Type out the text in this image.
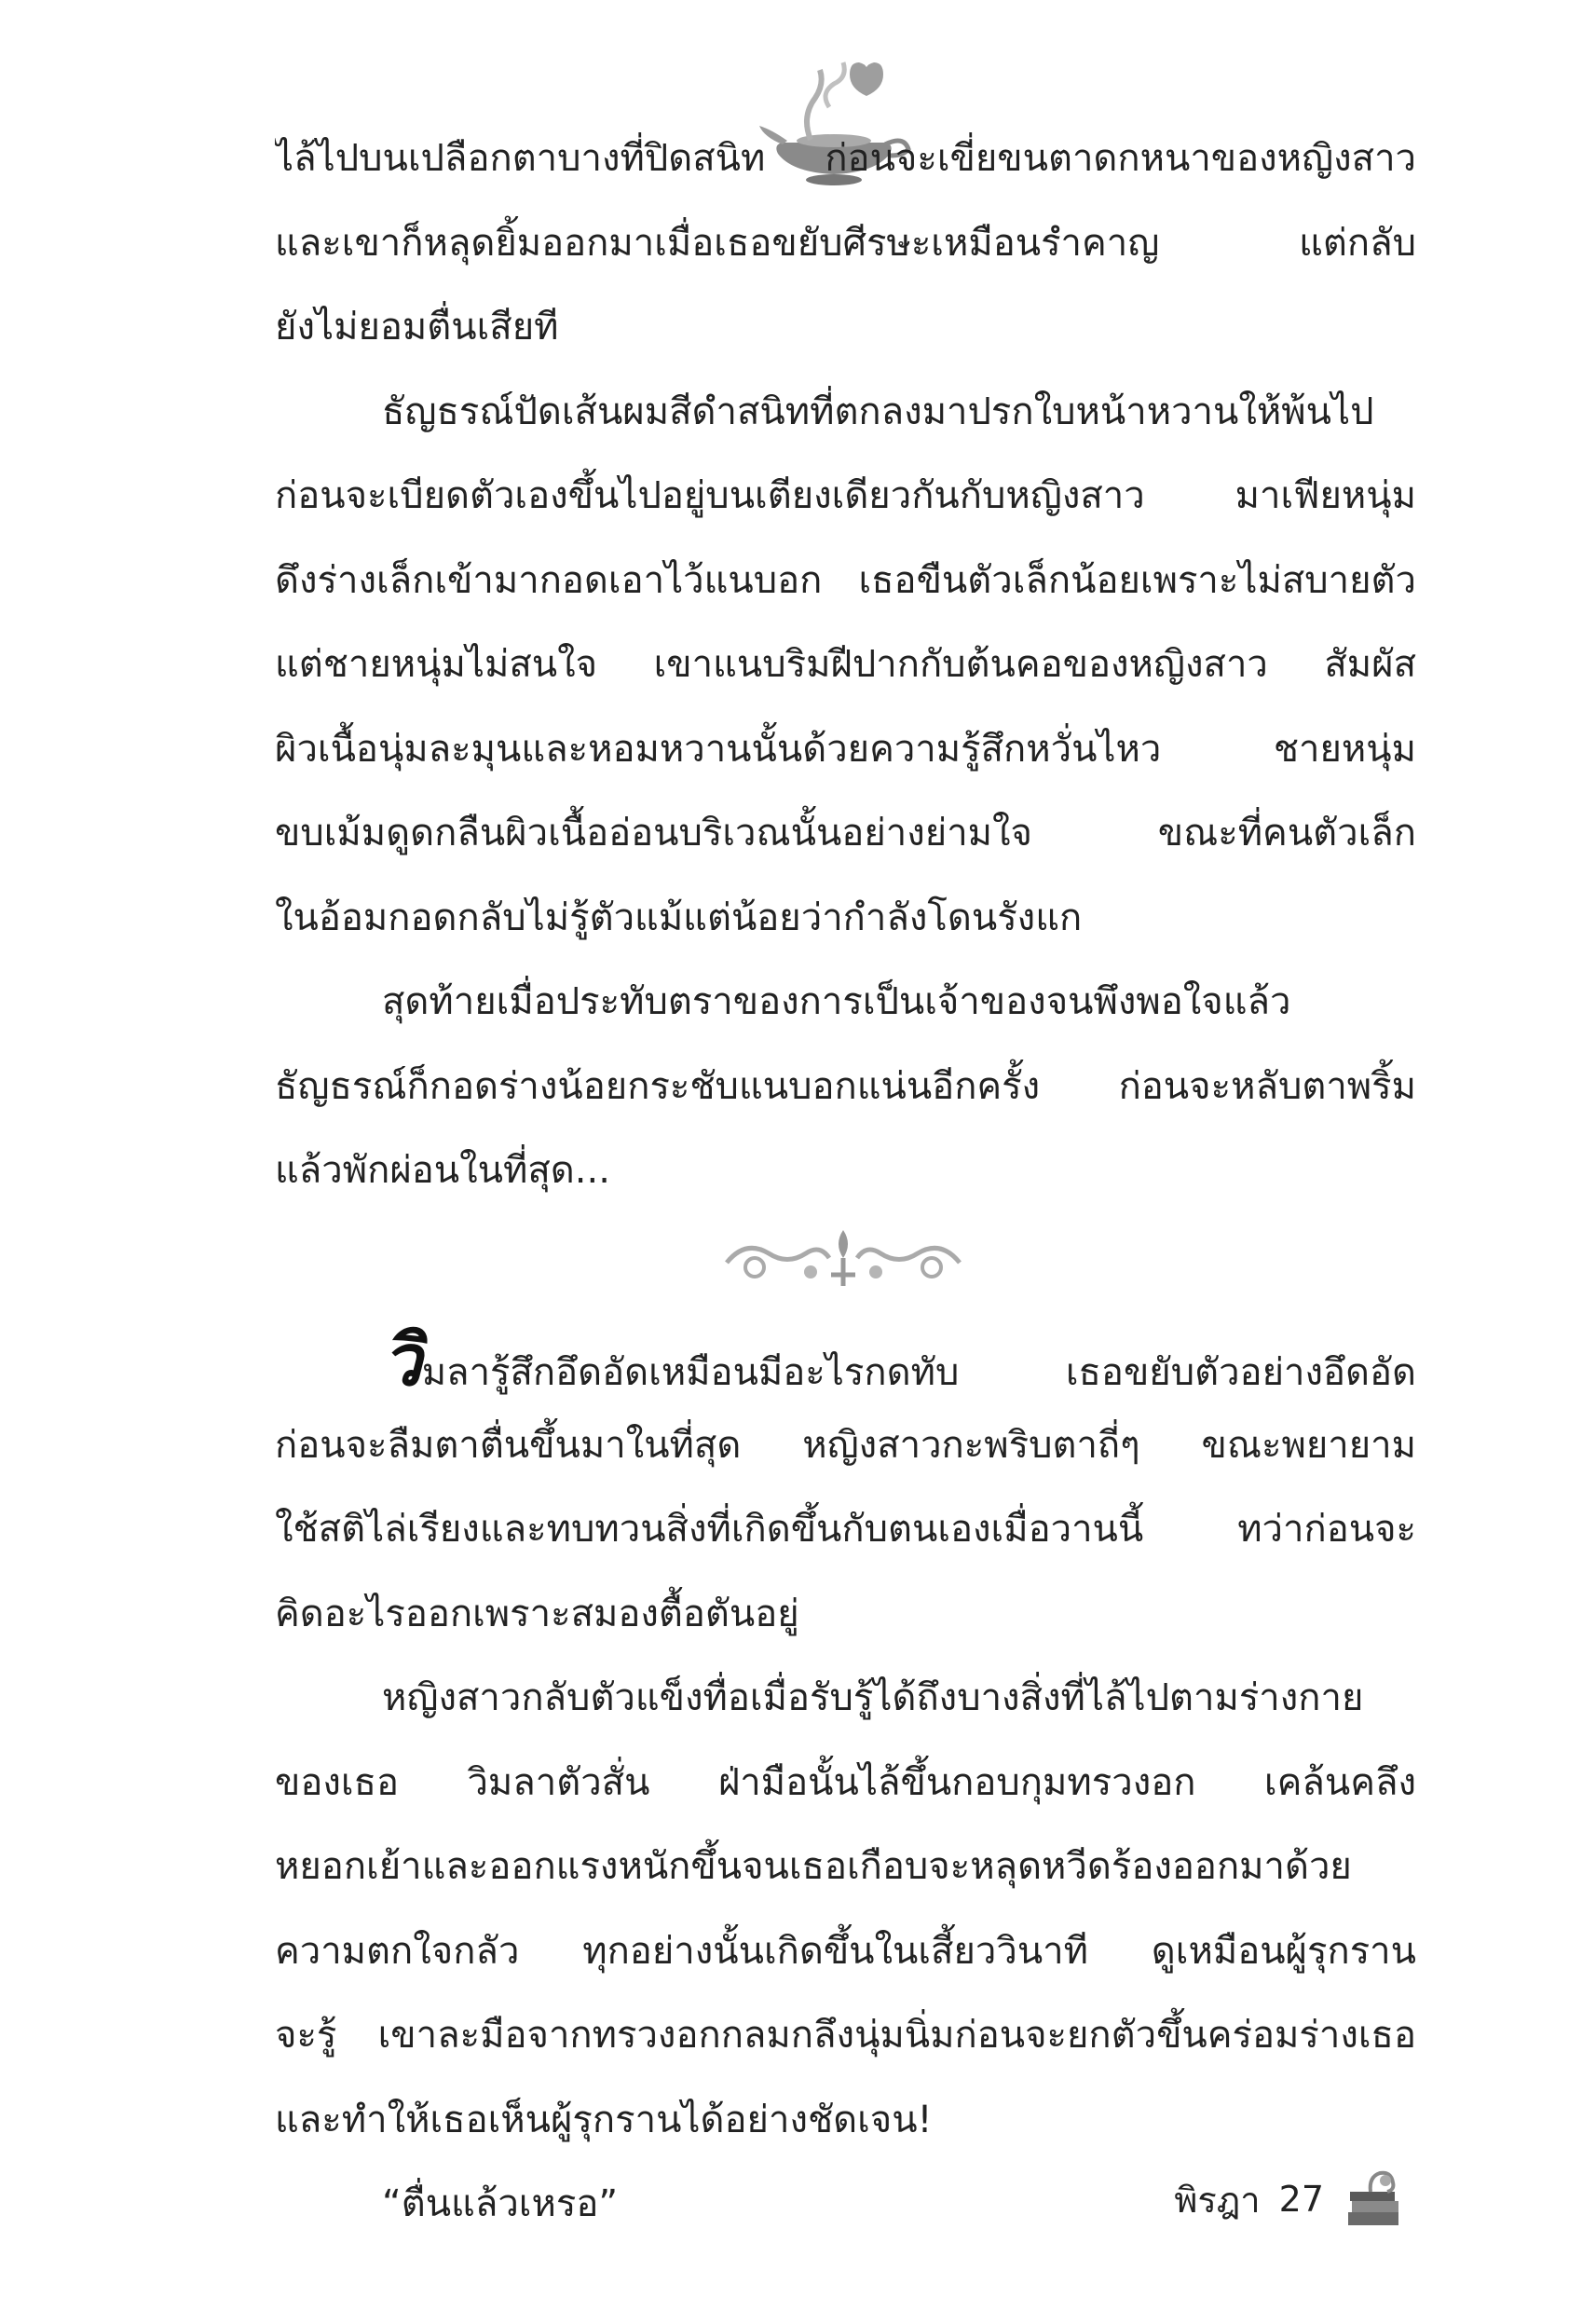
ไล้ไปบนเปลือกตาบางที่ปิดสนิท ก่อนจะเขี่ยขนตาดกหนาของหญิงสาว
และเขาก็หลุดยิ้มออกมาเมื่อเธอขยับศีรษะเหมือนรำคาญ แต่กลับ
ยังไม่ยอมตื่นเสียที
ธัญธรณ์ปัดเส้นผมสีดำสนิทที่ตกลงมาปรกใบหน้าหวานให้พ้นไป
ก่อนจะเบียดตัวเองขึ้นไปอยู่บนเตียงเดียวกันกับหญิงสาว มาเฟียหนุ่ม
ดึงร่างเล็กเข้ามากอดเอาไว้แนบอก เธอขืนตัวเล็กน้อยเพราะไม่สบายตัว
แต่ชายหนุ่มไม่สนใจ เขาแนบริมฝีปากกับต้นคอของหญิงสาว สัมผัส
ผิวเนื้อนุ่มละมุนและหอมหวานนั้นด้วยความรู้สึกหวั่นไหว ชายหนุ่ม
ขบเม้มดูดกลืนผิวเนื้ออ่อนบริเวณนั้นอย่างย่ามใจ ขณะที่คนตัวเล็ก
ในอ้อมกอดกลับไม่รู้ตัวแม้แต่น้อยว่ากำลังโดนรังแก
สุดท้ายเมื่อประทับตราของการเป็นเจ้าของจนพึงพอใจแล้ว
ธัญธรณ์ก็กอดร่างน้อยกระชับแนบอกแน่นอีกครั้ง ก่อนจะหลับตาพริ้ม
แล้วพักผ่อนในที่สุด...
วิมลารู้สึกอึดอัดเหมือนมีอะไรกดทับ เธอขยับตัวอย่างอึดอัด
ก่อนจะลืมตาตื่นขึ้นมาในที่สุด หญิงสาวกะพริบตาถี่ๆ ขณะพยายาม
ใช้สติไล่เรียงและทบทวนสิ่งที่เกิดขึ้นกับตนเองเมื่อวานนี้ ทว่าก่อนจะ
คิดอะไรออกเพราะสมองตื้อตันอยู่
หญิงสาวกลับตัวแข็งทื่อเมื่อรับรู้ได้ถึงบางสิ่งที่ไล้ไปตามร่างกาย
ของเธอ วิมลาตัวสั่น ฝ่ามือนั้นไล้ขึ้นกอบกุมทรวงอก เคล้นคลึง
หยอกเย้าและออกแรงหนักขึ้นจนเธอเกือบจะหลุดหวีดร้องออกมาด้วย
ความตกใจกลัว ทุกอย่างนั้นเกิดขึ้นในเสี้ยววินาที ดูเหมือนผู้รุกราน
จะรู้ เขาละมือจากทรวงอกกลมกลึงนุ่มนิ่มก่อนจะยกตัวขึ้นคร่อมร่างเธอ
และทำให้เธอเห็นผู้รุกรานได้อย่างชัดเจน!
“ตื่นแล้วเหรอ”	พิรฎา 27
